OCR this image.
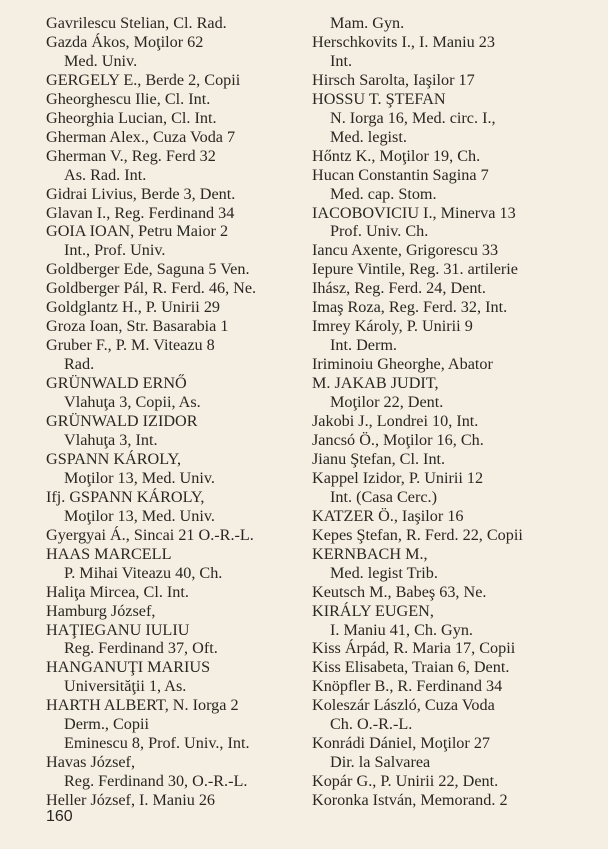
Gavrilescu Stelian, Cl. Rad.
Gazda Ákos, Moţilor 62
Med. Univ.
GERGELY E., Berde 2, Copii
Gheorghescu Ilie, Cl. Int.
Gheorghia Lucian, Cl. Int.
Gherman Alex., Cuza Voda 7
Gherman V., Reg. Ferd 32
As. Rad. Int.
Gidrai Livius, Berde 3, Dent.
Glavan I., Reg. Ferdinand 34
GOIA IOAN, Petru Maior 2
Int., Prof. Univ.
Goldberger Ede, Saguna 5 Ven.
Goldberger Pál, R. Ferd. 46, Ne.
Goldglantz H., P. Unirii 29
Groza Ioan, Str. Basarabia 1
Gruber F., P. M. Viteazu 8
Rad.
GRÜNWALD ERNŐ
Vlahuţa 3, Copii, As.
GRÜNWALD IZIDOR
Vlahuţa 3, Int.
GSPANN KÁROLY,
Moţilor 13, Med. Univ.
Ifj. GSPANN KÁROLY,
Moţilor 13, Med. Univ.
Gyergyai Á., Sincai 21 O.-R.-L.
HAAS MARCELL
P. Mihai Viteazu 40, Ch.
Haliţa Mircea, Cl. Int.
Hamburg József,
HAŢIEGANU IULIU
Reg. Ferdinand 37, Oft.
HANGANUŢI MARIUS
Universităţii 1, As.
HARTH ALBERT, N. Iorga 2
Derm., Copii
Eminescu 8, Prof. Univ., Int.
Havas József,
Reg. Ferdinand 30, O.-R.-L.
Heller József, I. Maniu 26
Mam. Gyn.
Herschkovits I., I. Maniu 23
Int.
Hirsch Sarolta, Iaşilor 17
HOSSU T. ŞTEFAN
N. Iorga 16, Med. circ. I.,
Med. legist.
Hőntz K., Moţilor 19, Ch.
Hucan Constantin Sagina 7
Med. cap. Stom.
IACOBOVICIU I., Minerva 13
Prof. Univ. Ch.
Iancu Axente, Grigorescu 33
Iepure Vintile, Reg. 31. artilerie
Ihász, Reg. Ferd. 24, Dent.
Imaş Roza, Reg. Ferd. 32, Int.
Imrey Károly, P. Unirii 9
Int. Derm.
Iriminoiu Gheorghe, Abator
M. JAKAB JUDIT,
Moţilor 22, Dent.
Jakobi J., Londrei 10, Int.
Jancsó Ö., Moţilor 16, Ch.
Jianu Ştefan, Cl. Int.
Kappel Izidor, P. Unirii 12
Int. (Casa Cerc.)
KATZER Ö., Iaşilor 16
Kepes Ştefan, R. Ferd. 22, Copii
KERNBACH M.,
Med. legist Trib.
Keutsch M., Babeş 63, Ne.
KIRÁLY EUGEN,
I. Maniu 41, Ch. Gyn.
Kiss Árpád, R. Maria 17, Copii
Kiss Elisabeta, Traian 6, Dent.
Knöpfler B., R. Ferdinand 34
Koleszár László, Cuza Voda
Ch. O.-R.-L.
Konrádi Dániel, Moţilor 27
Dir. la Salvarea
Kopár G., P. Unirii 22, Dent.
Koronka István, Memorand. 2
160
